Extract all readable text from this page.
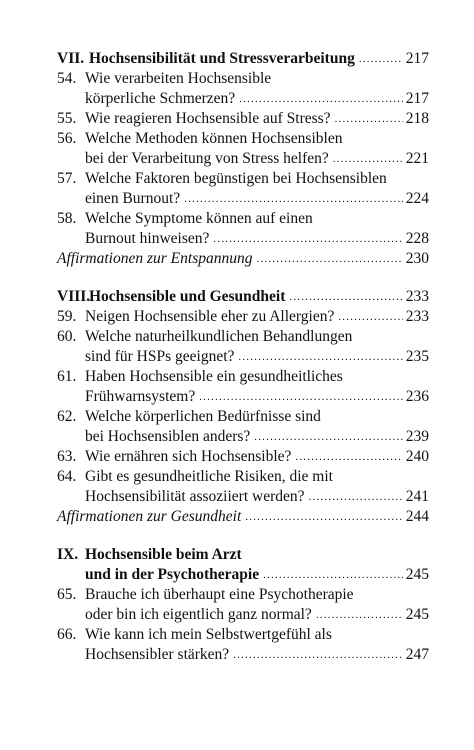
VII. Hochsensibilität und Stressverarbeitung .....	217
54. Wie verarbeiten Hochsensible
körperliche Schmerzen? .....	217
55. Wie reagieren Hochsensible auf Stress? .....	218
56. Welche Methoden können Hochsensiblen
bei der Verarbeitung von Stress helfen? .....	221
57. Welche Faktoren begünstigen bei Hochsensiblen
einen Burnout? .....	224
58. Welche Symptome können auf einen
Burnout hinweisen? .....	228
Affirmationen zur Entspannung .....	230
VIII.
Hochsensible und Gesundheit .....	233
59. Neigen Hochsensible eher zu Allergien? .....	233
60. Welche naturheilkundlichen Behandlungen
sind für HSPs geeignet? .....	235
61. Haben Hochsensible ein gesundheitliches
Frühwarnsystem? .....	236
62. Welche körperlichen Bedürfnisse sind
bei Hochsensiblen anders? .....	239
63. Wie ernähren sich Hochsensible? .....	240
64. Gibt es gesundheitliche Risiken, die mit
Hochsensibilität assoziiert werden? .....	241
Affirmationen zur Gesundheit .....	244
IX. Hochsensible beim Arzt
und in der Psychotherapie .....	245
65. Brauche ich überhaupt eine Psychotherapie
oder bin ich eigentlich ganz normal? .....	245
66. Wie kann ich mein Selbstwertgefühl als
Hochsensibler stärken? .....	247
